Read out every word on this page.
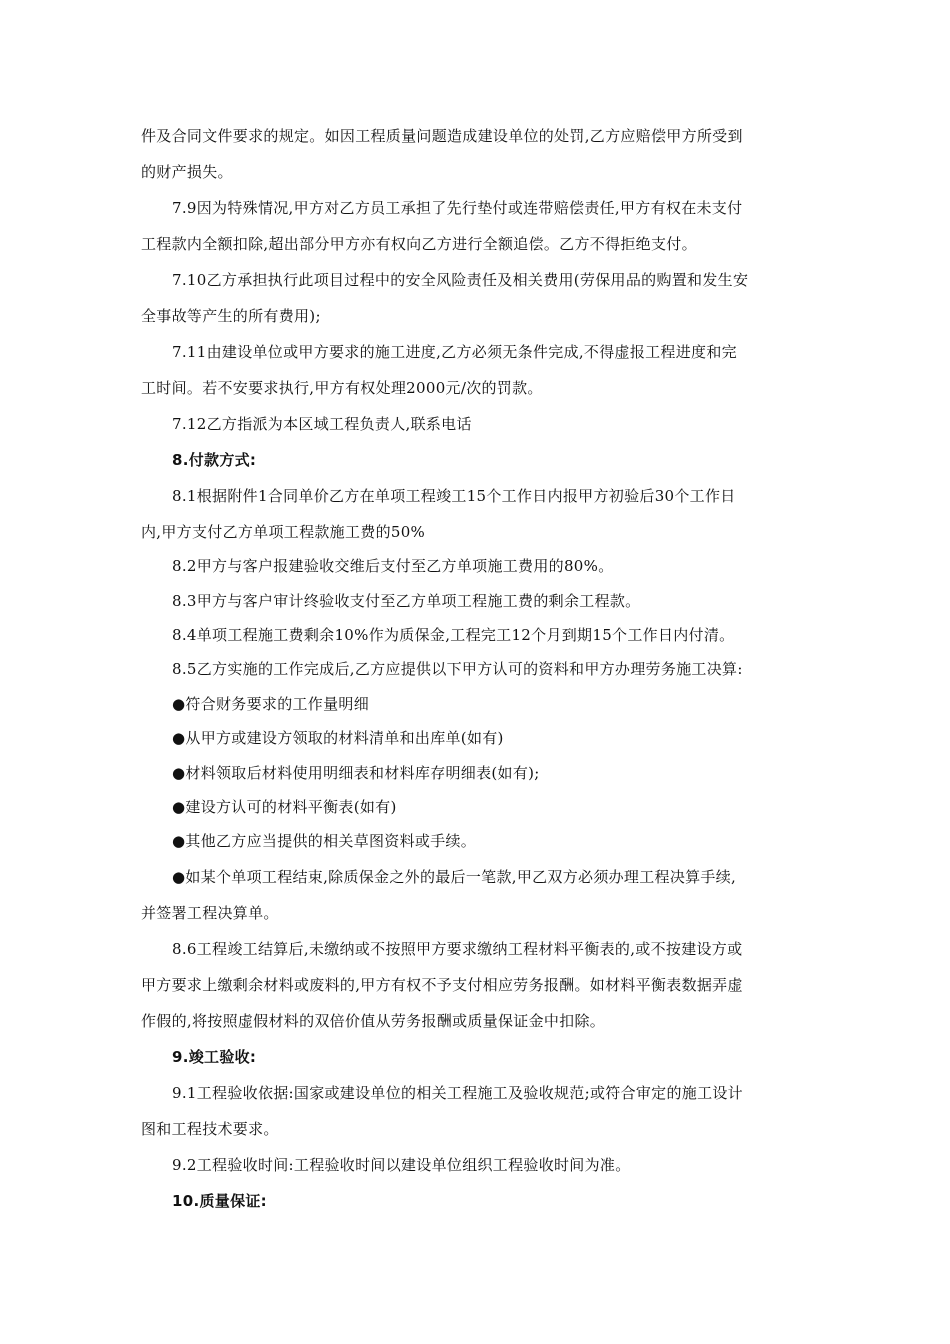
件及合同文件要求的规定。如因工程质量问题造成建设单位的处罚,乙方应赔偿甲方所受到
的财产损失。
7.9因为特殊情况,甲方对乙方员工承担了先行垫付或连带赔偿责任,甲方有权在未支付
工程款内全额扣除,超出部分甲方亦有权向乙方进行全额追偿。乙方不得拒绝支付。
7.10乙方承担执行此项目过程中的安全风险责任及相关费用(劳保用品的购置和发生安
全事故等产生的所有费用);
7.11由建设单位或甲方要求的施工进度,乙方必须无条件完成,不得虚报工程进度和完
工时间。若不安要求执行,甲方有权处理2000元/次的罚款。
7.12乙方指派为本区域工程负责人,联系电话
8.付款方式:
8.1根据附件1合同单价乙方在单项工程竣工15个工作日内报甲方初验后30个工作日
内,甲方支付乙方单项工程款施工费的50%
8.2甲方与客户报建验收交维后支付至乙方单项施工费用的80%。
8.3甲方与客户审计终验收支付至乙方单项工程施工费的剩余工程款。
8.4单项工程施工费剩余10%作为质保金,工程完工12个月到期15个工作日内付清。
8.5乙方实施的工作完成后,乙方应提供以下甲方认可的资料和甲方办理劳务施工决算:
●符合财务要求的工作量明细
●从甲方或建设方领取的材料清单和出库单(如有)
●材料领取后材料使用明细表和材料库存明细表(如有);
●建设方认可的材料平衡表(如有)
●其他乙方应当提供的相关草图资料或手续。
●如某个单项工程结束,除质保金之外的最后一笔款,甲乙双方必须办理工程决算手续,
并签署工程决算单。
8.6工程竣工结算后,未缴纳或不按照甲方要求缴纳工程材料平衡表的,或不按建设方或
甲方要求上缴剩余材料或废料的,甲方有权不予支付相应劳务报酬。如材料平衡表数据弄虚
作假的,将按照虚假材料的双倍价值从劳务报酬或质量保证金中扣除。
9.竣工验收:
9.1工程验收依据:国家或建设单位的相关工程施工及验收规范;或符合审定的施工设计
图和工程技术要求。
9.2工程验收时间:工程验收时间以建设单位组织工程验收时间为准。
10.质量保证:
